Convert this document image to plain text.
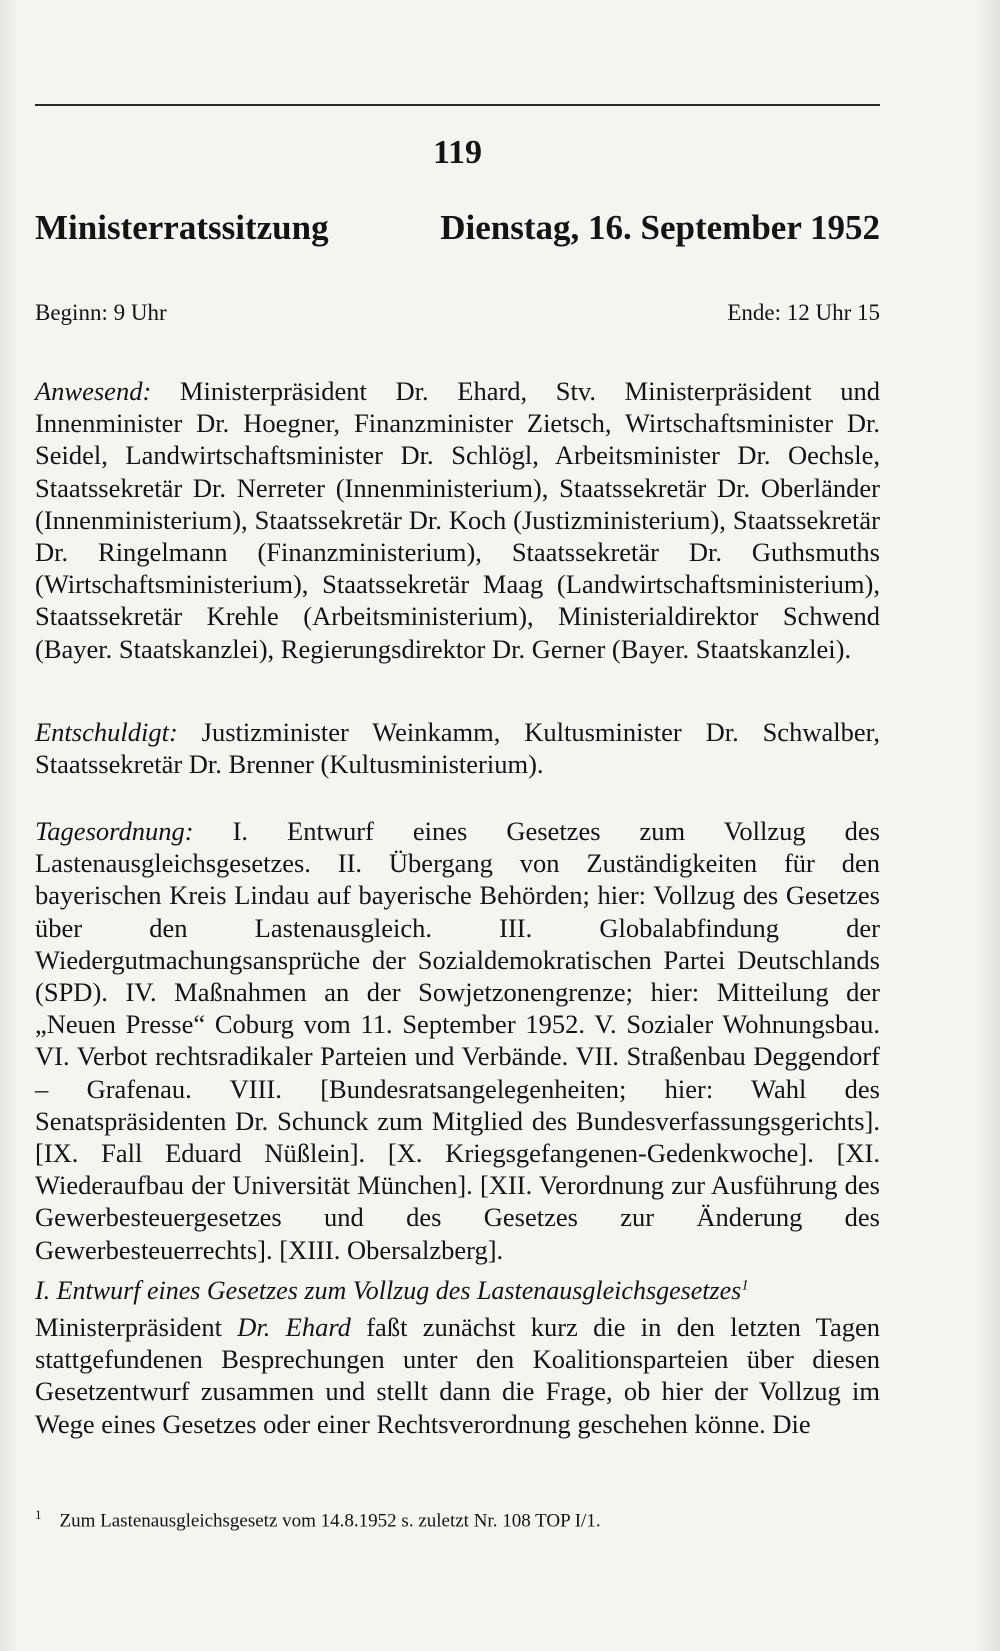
119
Ministerratssitzung	Dienstag, 16. September 1952
Beginn: 9 Uhr	Ende: 12 Uhr 15
Anwesend: Ministerpräsident Dr. Ehard, Stv. Ministerpräsident und Innenminister Dr. Hoegner, Finanzminister Zietsch, Wirtschaftsminister Dr. Seidel, Landwirtschaftsminister Dr. Schlögl, Arbeitsminister Dr. Oechsle, Staatssekretär Dr. Nerreter (Innenministerium), Staatssekretär Dr. Oberländer (Innenministerium), Staatssekretär Dr. Koch (Justizministerium), Staatssekretär Dr. Ringelmann (Finanzministerium), Staatssekretär Dr. Guthsmuths (Wirtschaftsministerium), Staatssekretär Maag (Landwirtschaftsministerium), Staatssekretär Krehle (Arbeitsministerium), Ministerialdirektor Schwend (Bayer. Staatskanzlei), Regierungsdirektor Dr. Gerner (Bayer. Staatskanzlei).
Entschuldigt: Justizminister Weinkamm, Kultusminister Dr. Schwalber, Staatssekretär Dr. Brenner (Kultusministerium).
Tagesordnung: I. Entwurf eines Gesetzes zum Vollzug des Lastenausgleichsgesetzes. II. Übergang von Zuständigkeiten für den bayerischen Kreis Lindau auf bayerische Behörden; hier: Vollzug des Gesetzes über den Lastenausgleich. III. Globalabfindung der Wiedergutmachungsansprüche der Sozialdemokratischen Partei Deutschlands (SPD). IV. Maßnahmen an der Sowjetzonengrenze; hier: Mitteilung der „Neuen Presse“ Coburg vom 11. September 1952. V. Sozialer Wohnungsbau. VI. Verbot rechtsradikaler Parteien und Verbände. VII. Straßenbau Deggendorf – Grafenau. VIII. [Bundesratsangelegenheiten; hier: Wahl des Senatspräsidenten Dr. Schunck zum Mitglied des Bundesverfassungsgerichts]. [IX. Fall Eduard Nüßlein]. [X. Kriegsgefangenen-Gedenkwoche]. [XI. Wiederaufbau der Universität München]. [XII. Verordnung zur Ausführung des Gewerbesteuergesetzes und des Gesetzes zur Änderung des Gewerbesteuerrechts]. [XIII. Obersalzberg].
I. Entwurf eines Gesetzes zum Vollzug des Lastenausgleichsgesetzes$^1$
Ministerpräsident Dr. Ehard faßt zunächst kurz die in den letzten Tagen stattgefundenen Besprechungen unter den Koalitionsparteien über diesen Gesetzentwurf zusammen und stellt dann die Frage, ob hier der Vollzug im Wege eines Gesetzes oder einer Rechtsverordnung geschehen könne. Die
$^1$ Zum Lastenausgleichsgesetz vom 14.8.1952 s. zuletzt Nr. 108 TOP I/1.
